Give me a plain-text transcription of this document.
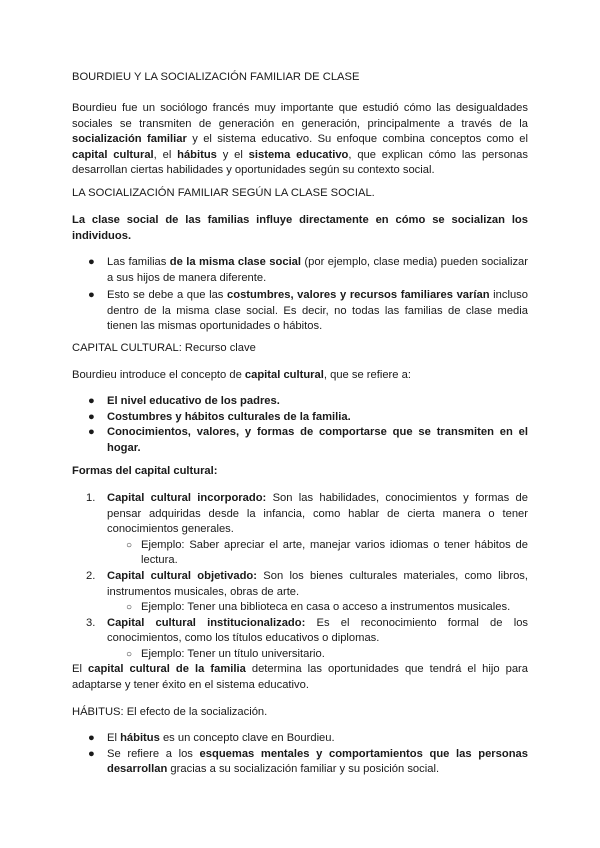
BOURDIEU Y LA SOCIALIZACIÓN FAMILIAR DE CLASE

Bourdieu fue un sociólogo francés muy importante que estudió cómo las desigualdades sociales se transmiten de generación en generación, principalmente a través de la socialización familiar y el sistema educativo. Su enfoque combina conceptos como el capital cultural, el hábitus y el sistema educativo, que explican cómo las personas desarrollan ciertas habilidades y oportunidades según su contexto social.

LA SOCIALIZACIÓN FAMILIAR SEGÚN LA CLASE SOCIAL.

La clase social de las familias influye directamente en cómo se socializan los individuos.

● Las familias de la misma clase social (por ejemplo, clase media) pueden socializar a sus hijos de manera diferente.
● Esto se debe a que las costumbres, valores y recursos familiares varían incluso dentro de la misma clase social. Es decir, no todas las familias de clase media tienen las mismas oportunidades o hábitos.

CAPITAL CULTURAL: Recurso clave

Bourdieu introduce el concepto de capital cultural, que se refiere a:

● El nivel educativo de los padres.
● Costumbres y hábitos culturales de la familia.
● Conocimientos, valores, y formas de comportarse que se transmiten en el hogar.

Formas del capital cultural:

1. Capital cultural incorporado: Son las habilidades, conocimientos y formas de pensar adquiridas desde la infancia, como hablar de cierta manera o tener conocimientos generales.
○ Ejemplo: Saber apreciar el arte, manejar varios idiomas o tener hábitos de lectura.
2. Capital cultural objetivado: Son los bienes culturales materiales, como libros, instrumentos musicales, obras de arte.
○ Ejemplo: Tener una biblioteca en casa o acceso a instrumentos musicales.
3. Capital cultural institucionalizado: Es el reconocimiento formal de los conocimientos, como los títulos educativos o diplomas.
○ Ejemplo: Tener un título universitario.

El capital cultural de la familia determina las oportunidades que tendrá el hijo para adaptarse y tener éxito en el sistema educativo.

HÁBITUS: El efecto de la socialización.

● El hábitus es un concepto clave en Bourdieu.
● Se refiere a los esquemas mentales y comportamientos que las personas desarrollan gracias a su socialización familiar y su posición social.
